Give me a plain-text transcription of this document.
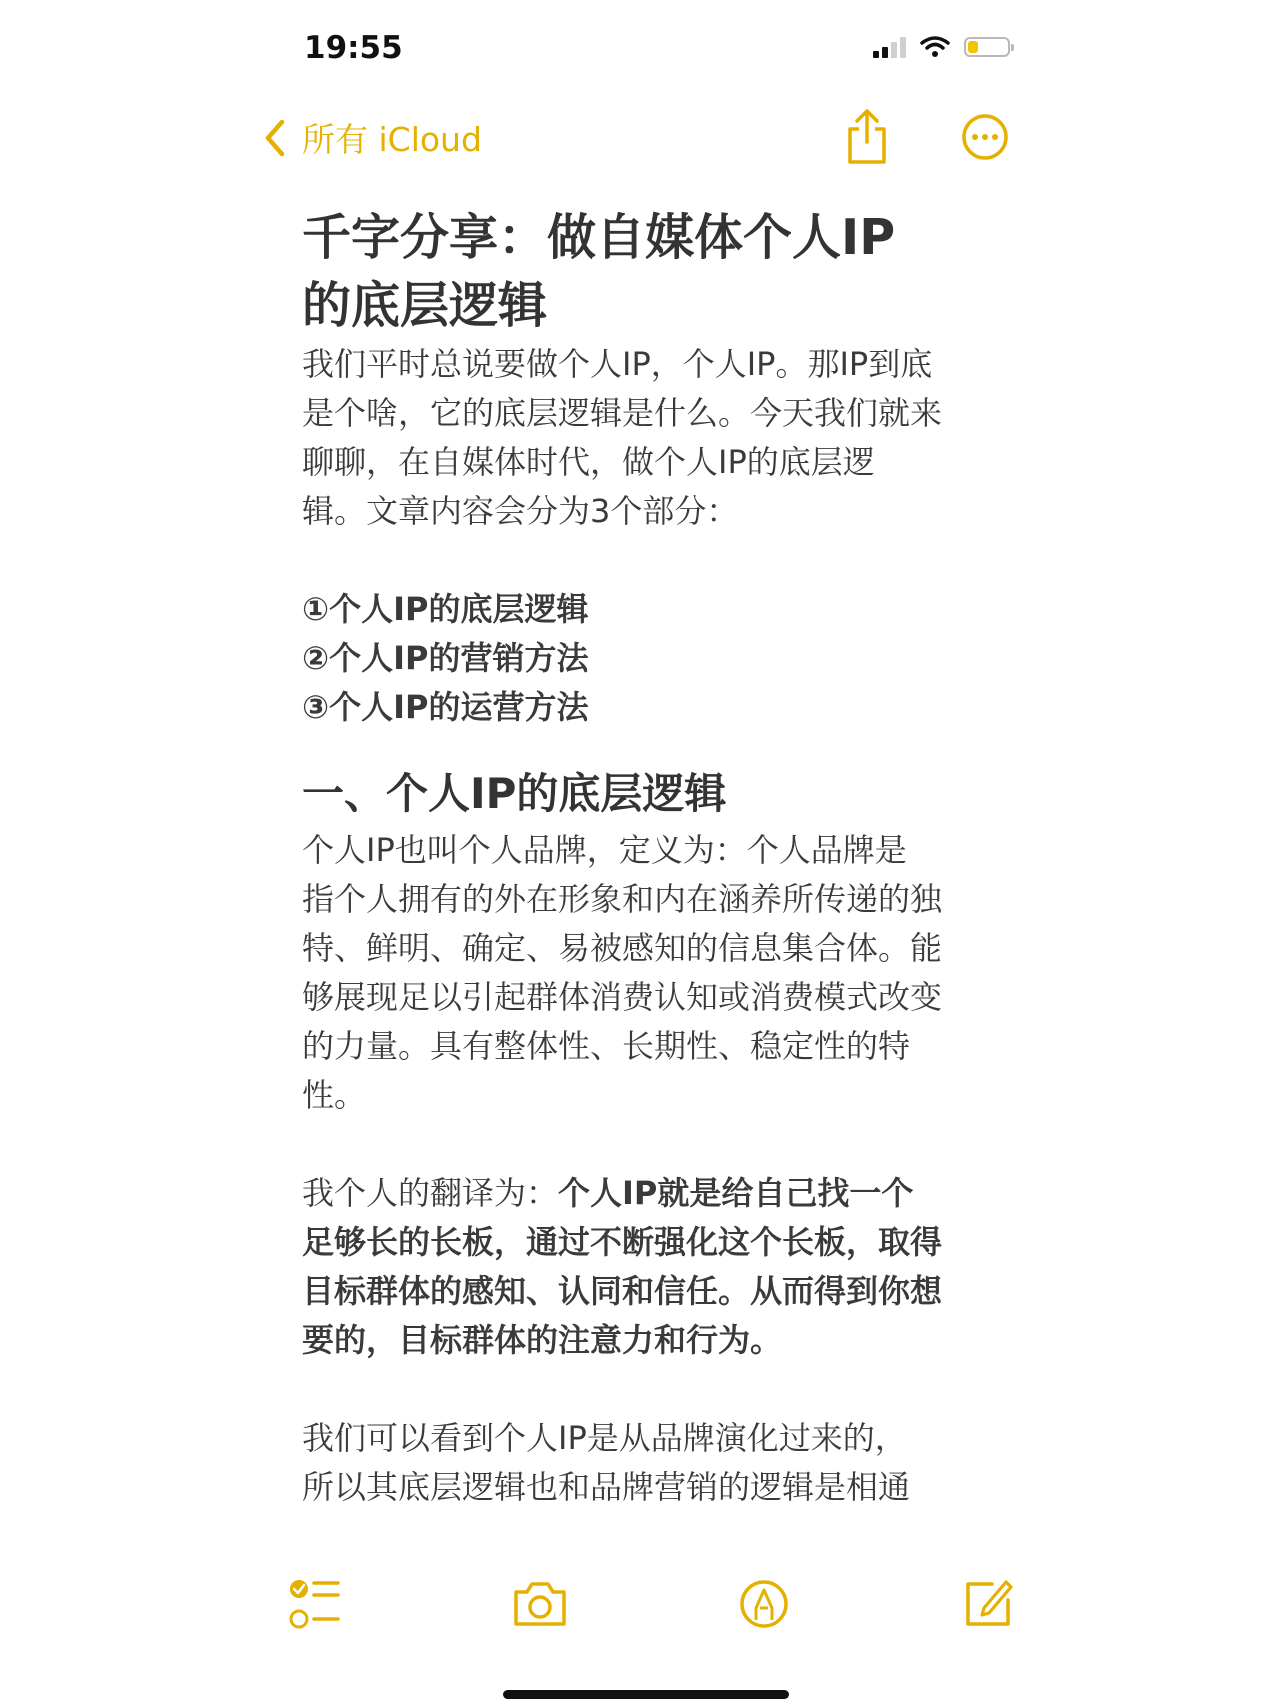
19:55
所有 iCloud
千字分享：做自媒体个人IP
的底层逻辑

我们平时总说要做个人IP，个人IP。那IP到底

是个啥，它的底层逻辑是什么。今天我们就来

聊聊，在自媒体时代，做个人IP的底层逻

辑。文章内容会分为3个部分：

①个人IP的底层逻辑

②个人IP的营销方法

③个人IP的运营方法

一、个人IP的底层逻辑

个人IP也叫个人品牌，定义为：个人品牌是

指个人拥有的外在形象和内在涵养所传递的独

特、鲜明、确定、易被感知的信息集合体。能

够展现足以引起群体消费认知或消费模式改变

的力量。具有整体性、长期性、稳定性的特

性。

我个人的翻译为：个人IP就是给自己找一个

足够长的长板，通过不断强化这个长板，取得

目标群体的感知、认同和信任。从而得到你想

要的，目标群体的注意力和行为。

我们可以看到个人IP是从品牌演化过来的，

所以其底层逻辑也和品牌营销的逻辑是相通
